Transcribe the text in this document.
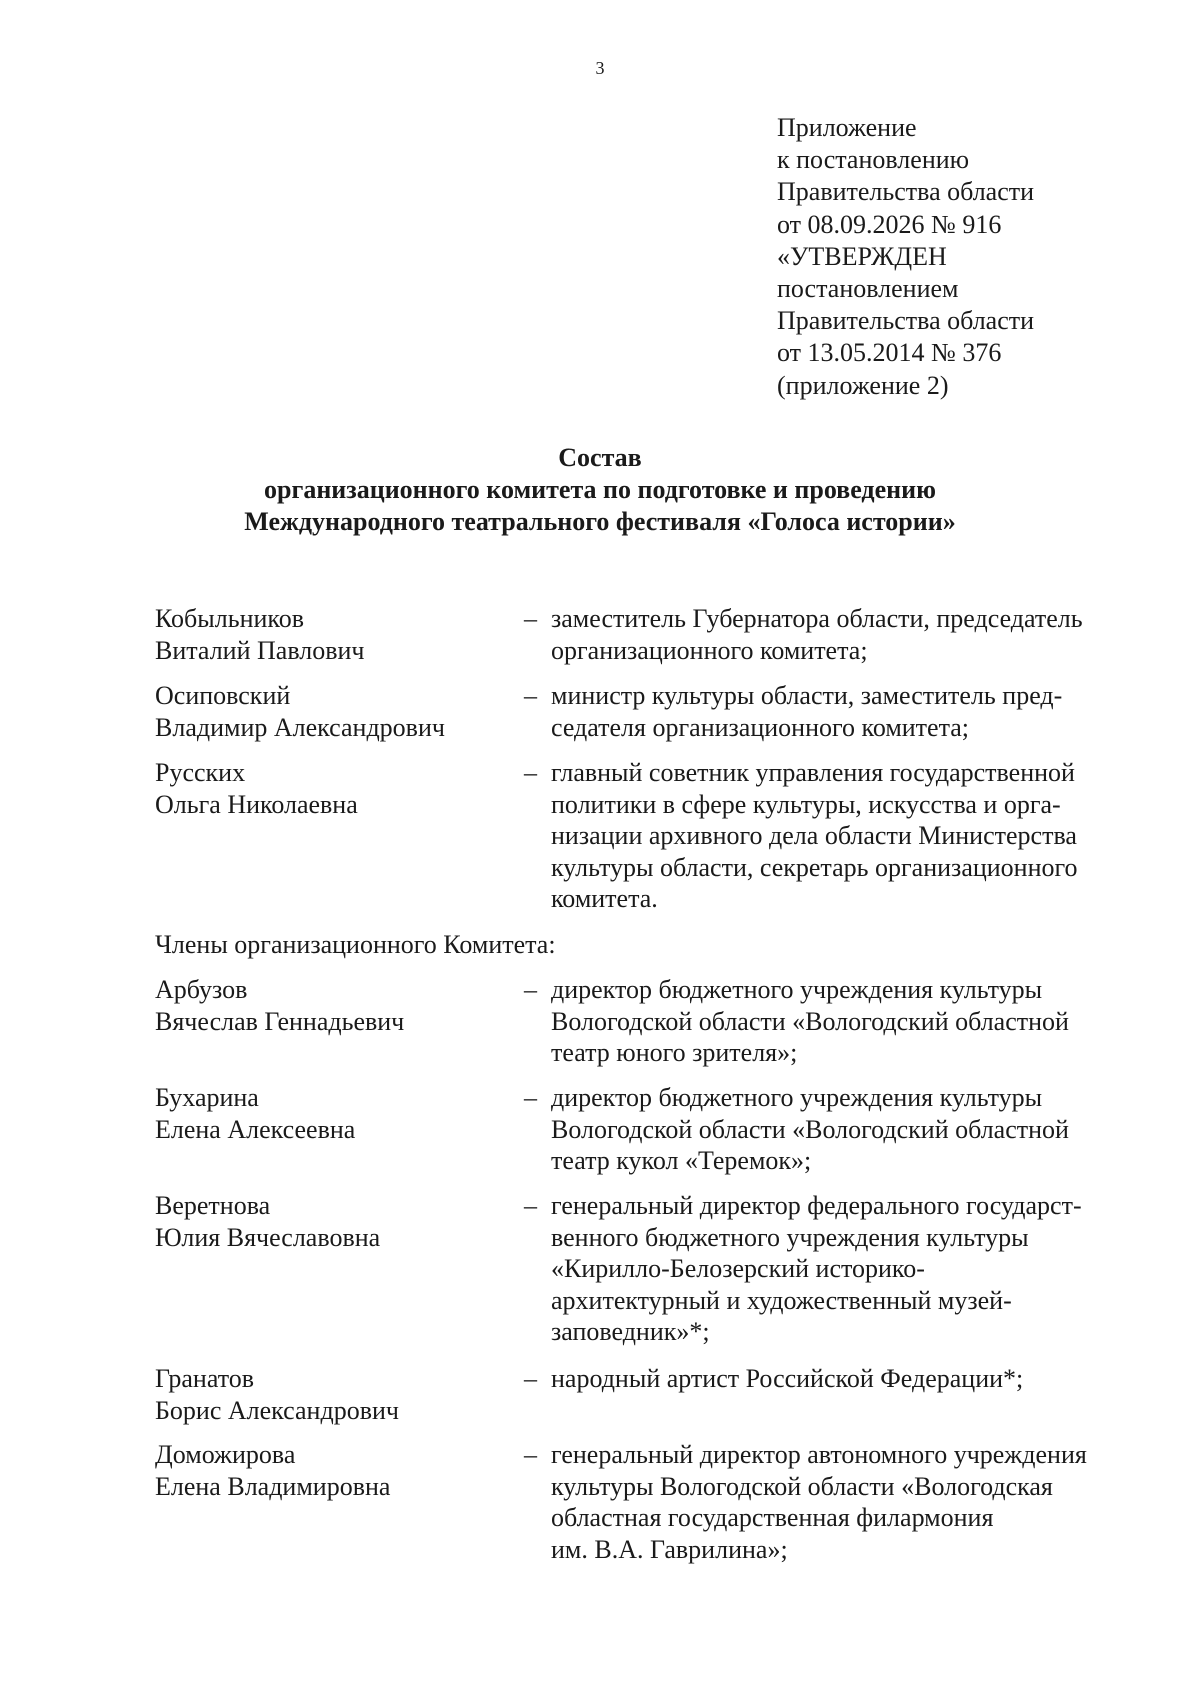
3
Приложение
к постановлению
Правительства области
от 08.09.2026 № 916
«УТВЕРЖДЕН
постановлением
Правительства области
от 13.05.2014 № 376
(приложение 2)
Состав
организационного комитета по подготовке и проведению
Международного театрального фестиваля «Голоса истории»
Кобыльников
Виталий Павлович
– заместитель Губернатора области, председатель
организационного комитета;
Осиповский
Владимир Александрович
– министр культуры области, заместитель пред-
седателя организационного комитета;
Русских
Ольга Николаевна
– главный советник управления государственной
политики в сфере культуры, искусства и орга-
низации архивного дела области Министерства
культуры области, секретарь организационного
комитета.
Члены организационного Комитета:
Арбузов
Вячеслав Геннадьевич
– директор бюджетного учреждения культуры
Вологодской области «Вологодский областной
театр юного зрителя»;
Бухарина
Елена Алексеевна
– директор бюджетного учреждения культуры
Вологодской области «Вологодский областной
театр кукол «Теремок»;
Веретнова
Юлия Вячеславовна
– генеральный директор федерального государст-
венного бюджетного учреждения культуры
«Кирилло-Белозерский историко-
архитектурный и художественный музей-
заповедник»*;
Гранатов
Борис Александрович
– народный артист Российской Федерации*;
Доможирова
Елена Владимировна
– генеральный директор автономного учреждения
культуры Вологодской области «Вологодская
областная государственная филармония
им. В.А. Гаврилина»;
